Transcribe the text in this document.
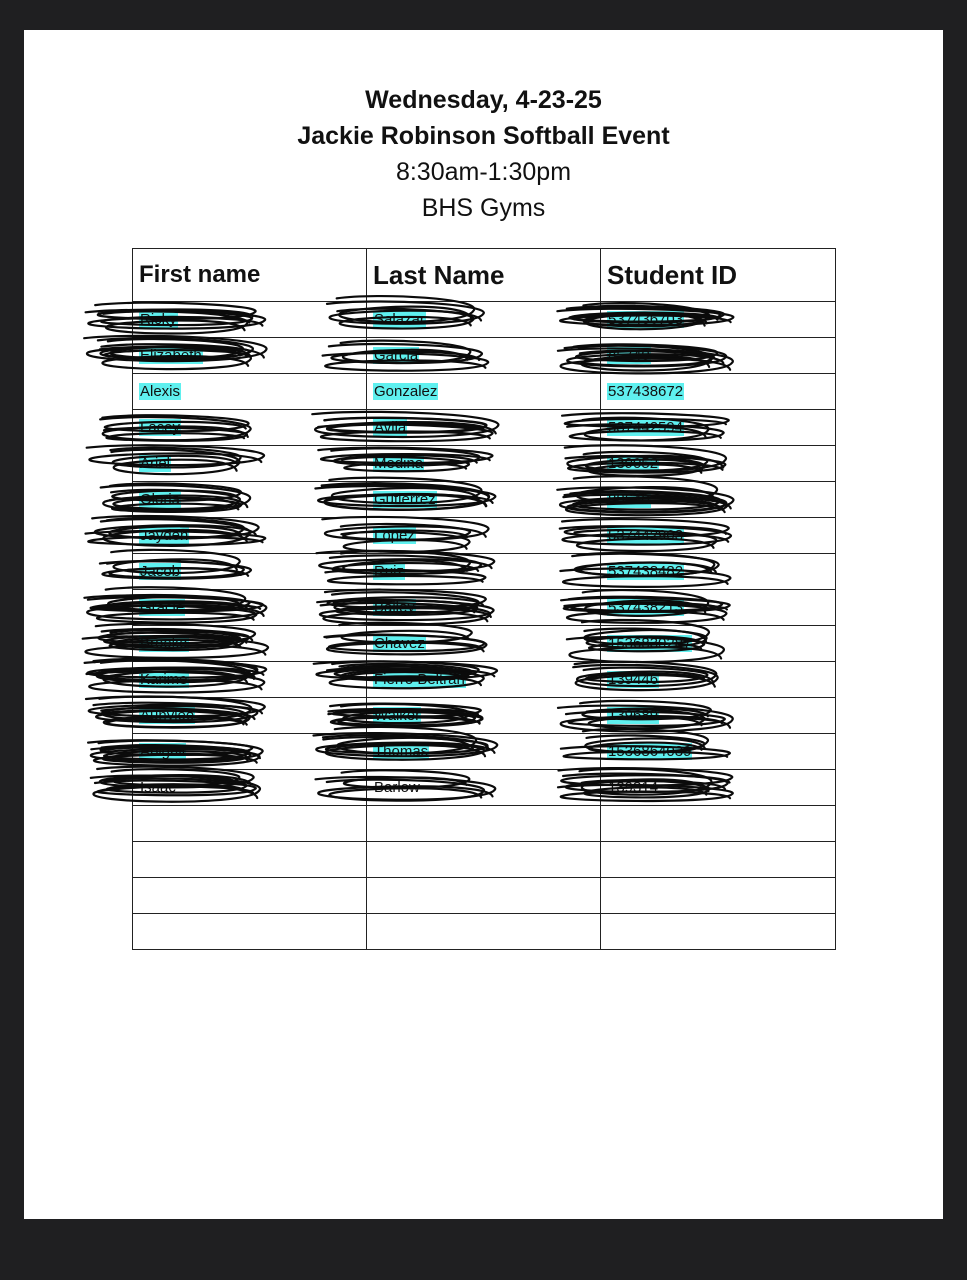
Wednesday, 4-23-25
Jackie Robinson Softball Event
8:30am-1:30pm
BHS Gyms
First name	Last Name	Student ID
Ricky	Salazar	537436703
Elizabeth	Garcia	85740
Alexis	Gonzalez	537438672
Lacey	Avila	537442594
Ariel	Medina	139052
Gloria	Gutierrez	88640
Jayden	Lopez	537442903
Jacob	Ruiz	537438482
Gracie	Bailey	537438213
Brooke	Chavez	1536830287
Karime	Fierro Beltran	139446
Aunylee	Walker	139689
Abigail	Thomas	1536864039
Isaac	Barlow	139314
